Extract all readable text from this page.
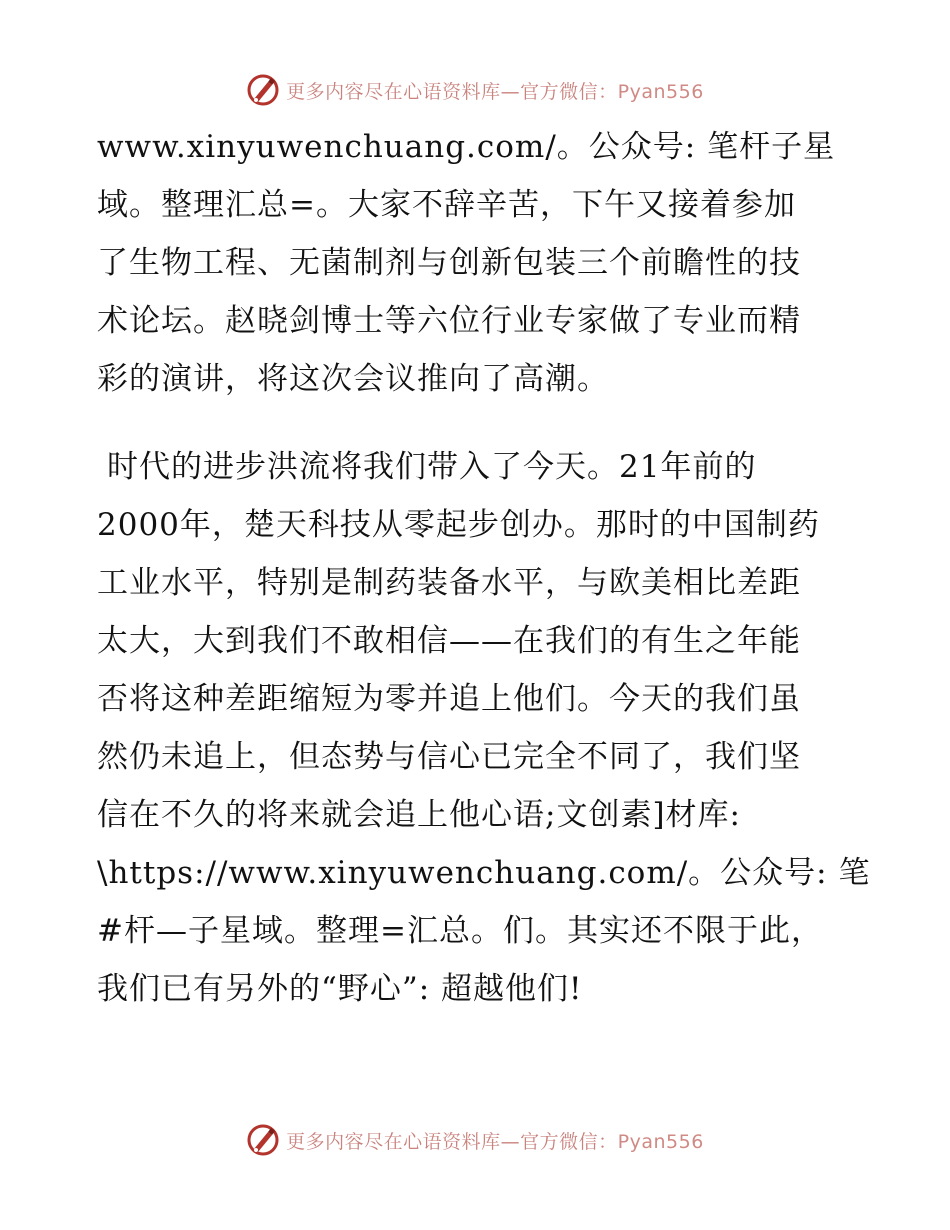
更多内容尽在心语资料库—官方微信：Pyan556
www.xinyuwenchuang.com/。公众号: 笔杆子星
域。整理汇总=。大家不辞辛苦，下午又接着参加
了生物工程、无菌制剂与创新包装三个前瞻性的技
术论坛。赵晓剑博士等六位行业专家做了专业而精
彩的演讲，将这次会议推向了高潮。
时代的进步洪流将我们带入了今天。21年前的
2000年，楚天科技从零起步创办。那时的中国制药
工业水平，特别是制药装备水平，与欧美相比差距
太大，大到我们不敢相信——在我们的有生之年能
否将这种差距缩短为零并追上他们。今天的我们虽
然仍未追上，但态势与信心已完全不同了，我们坚
信在不久的将来就会追上他心语;文创素]材库:
\https://www.xinyuwenchuang.com/。公众号: 笔
#杆—子星域。整理=汇总。们。其实还不限于此，
我们已有另外的“野心”: 超越他们!
更多内容尽在心语资料库—官方微信：Pyan556
